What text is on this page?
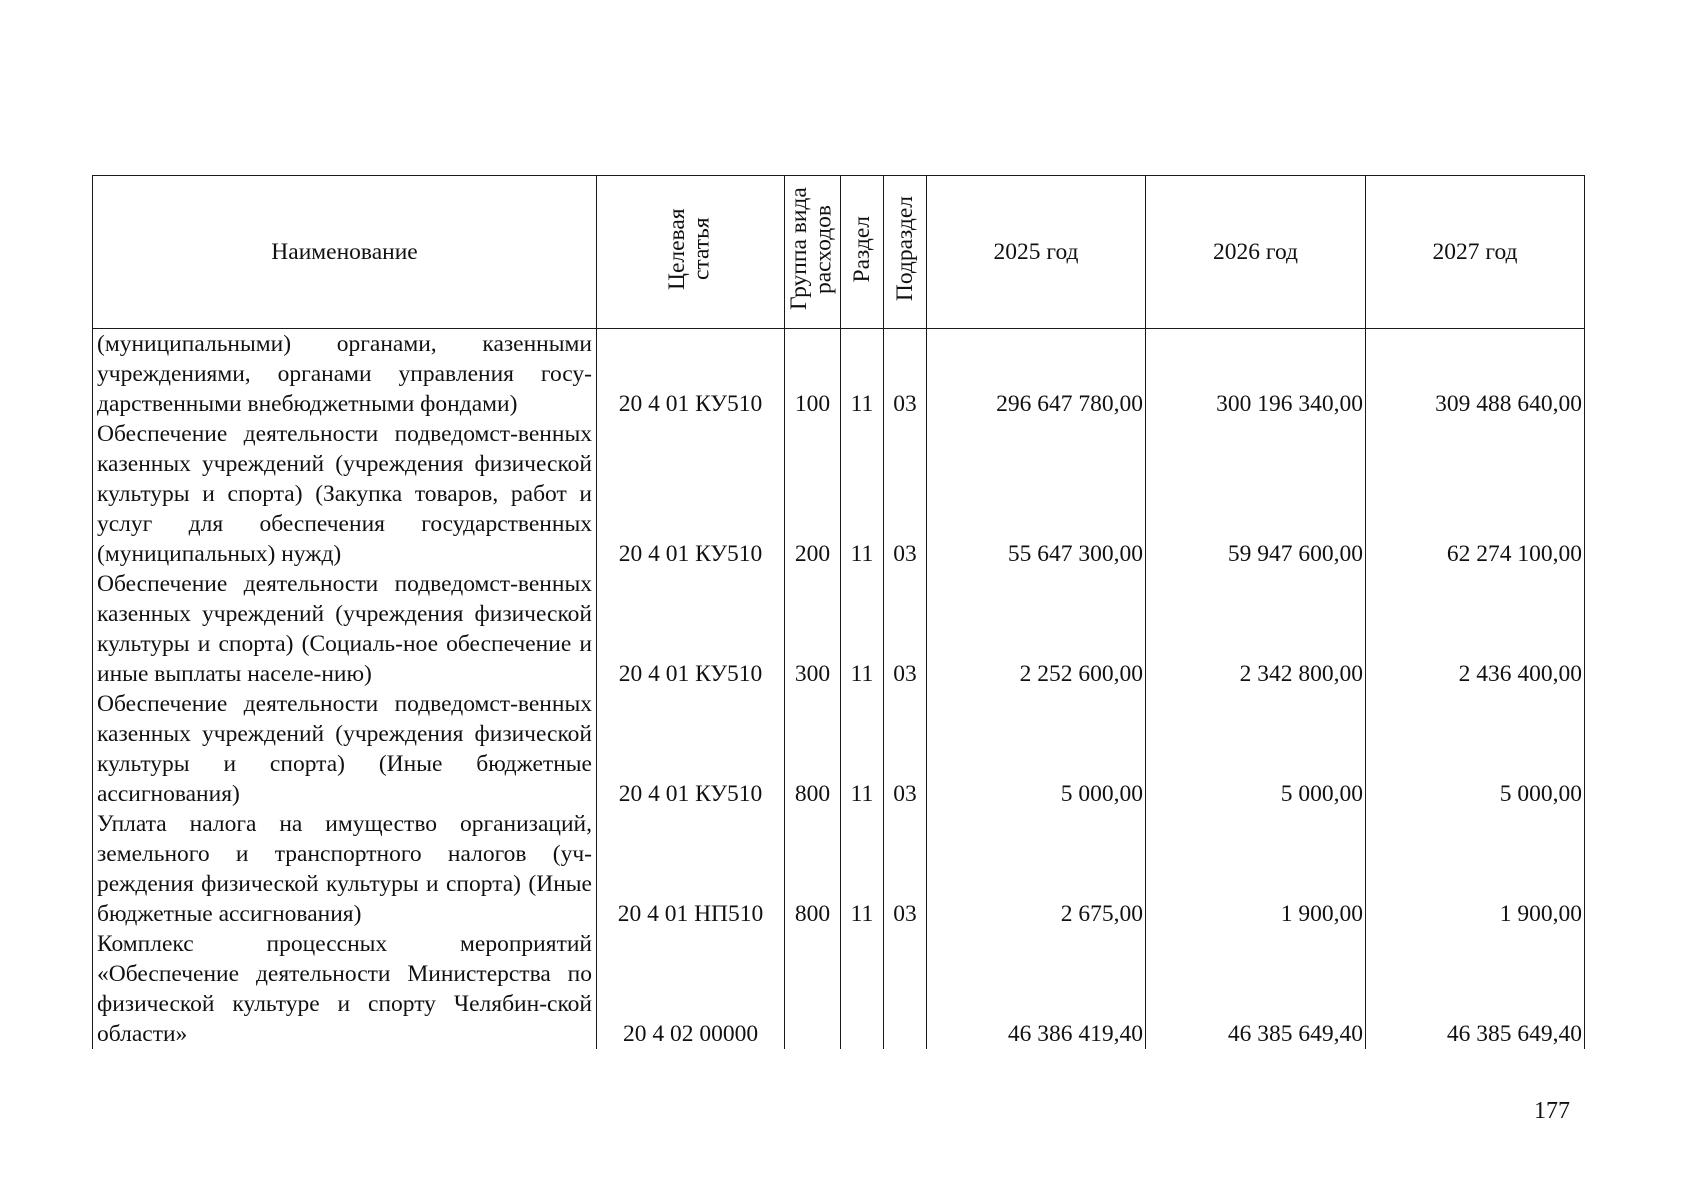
Наименование	Целевая статья	Группа вида расходов	Раздел	Подраздел	2025 год	2026 год	2027 год
(муниципальными) органами, казенными учреждениями, органами управления госу-дарственными внебюджетными фондами)	20 4 01 КУ510	100	11	03	296 647 780,00	300 196 340,00	309 488 640,00
Обеспечение деятельности подведомст-венных казенных учреждений (учреждения физической культуры и спорта) (Закупка товаров, работ и услуг для обеспечения государственных (муниципальных) нужд)	20 4 01 КУ510	200	11	03	55 647 300,00	59 947 600,00	62 274 100,00
Обеспечение деятельности подведомст-венных казенных учреждений (учреждения физической культуры и спорта) (Социаль-ное обеспечение и иные выплаты населе-нию)	20 4 01 КУ510	300	11	03	2 252 600,00	2 342 800,00	2 436 400,00
Обеспечение деятельности подведомст-венных казенных учреждений (учреждения физической культуры и спорта) (Иные бюджетные ассигнования)	20 4 01 КУ510	800	11	03	5 000,00	5 000,00	5 000,00
Уплата налога на имущество организаций, земельного и транспортного налогов (уч-реждения физической культуры и спорта) (Иные бюджетные ассигнования)	20 4 01 НП510	800	11	03	2 675,00	1 900,00	1 900,00
Комплекс процессных мероприятий «Обеспечение деятельности Министерства по физической культуре и спорту Челябин-ской области»	20 4 02 00000				46 386 419,40	46 385 649,40	46 385 649,40
177
